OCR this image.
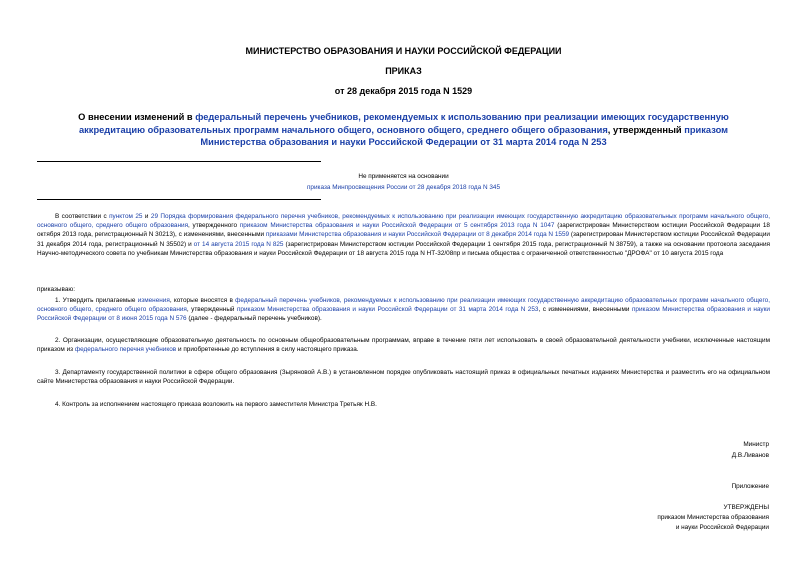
МИНИСТЕРСТВО ОБРАЗОВАНИЯ И НАУКИ РОССИЙСКОЙ ФЕДЕРАЦИИ
ПРИКАЗ
от 28 декабря 2015 года N 1529
О внесении изменений в федеральный перечень учебников, рекомендуемых к использованию при реализации имеющих государственную аккредитацию образовательных программ начального общего, основного общего, среднего общего образования, утвержденный приказом Министерства образования и науки Российской Федерации от 31 марта 2014 года N 253
Не применяется на основании
приказа Минпросвещения России от 28 декабря 2018 года N 345
В соответствии с пунктом 25 и 29 Порядка формирования федерального перечня учебников, рекомендуемых к использованию при реализации имеющих государственную аккредитацию образовательных программ начального общего, основного общего, среднего общего образования, утвержденного приказом Министерства образования и науки Российской Федерации от 5 сентября 2013 года N 1047 (зарегистрирован Министерством юстиции Российской Федерации 18 октября 2013 года, регистрационный N 30213), с изменениями, внесенными приказами Министерства образования и науки Российской Федерации от 8 декабря 2014 года N 1559 (зарегистрирован Министерством юстиции Российской Федерации 31 декабря 2014 года, регистрационный N 35502) и от 14 августа 2015 года N 825 (зарегистрирован Министерством юстиции Российской Федерации 1 сентября 2015 года, регистрационный N 38759), а также на основании протокола заседания Научно-методического совета по учебникам Министерства образования и науки Российской Федерации от 18 августа 2015 года N НТ-32/08пр и письма общества с ограниченной ответственностью "ДРОФА" от 10 августа 2015 года
приказываю:
1. Утвердить прилагаемые изменения, которые вносятся в федеральный перечень учебников, рекомендуемых к использованию при реализации имеющих государственную аккредитацию образовательных программ начального общего, основного общего, среднего общего образования, утвержденный приказом Министерства образования и науки Российской Федерации от 31 марта 2014 года N 253, с изменениями, внесенными приказом Министерства образования и науки Российской Федерации от 8 июня 2015 года N 576 (далее - федеральный перечень учебников).
2. Организации, осуществляющие образовательную деятельность по основным общеобразовательным программам, вправе в течение пяти лет использовать в своей образовательной деятельности учебники, исключенные настоящим приказом из федерального перечня учебников и приобретенные до вступления в силу настоящего приказа.
3. Департаменту государственной политики в сфере общего образования (Зыряновой А.В.) в установленном порядке опубликовать настоящий приказ в официальных печатных изданиях Министерства и разместить его на официальном сайте Министерства образования и науки Российской Федерации.
4. Контроль за исполнением настоящего приказа возложить на первого заместителя Министра Третьяк Н.В.
Министр
Д.В.Ливанов
Приложение
УТВЕРЖДЕНЫ
приказом Министерства образования
и науки Российской Федерации
